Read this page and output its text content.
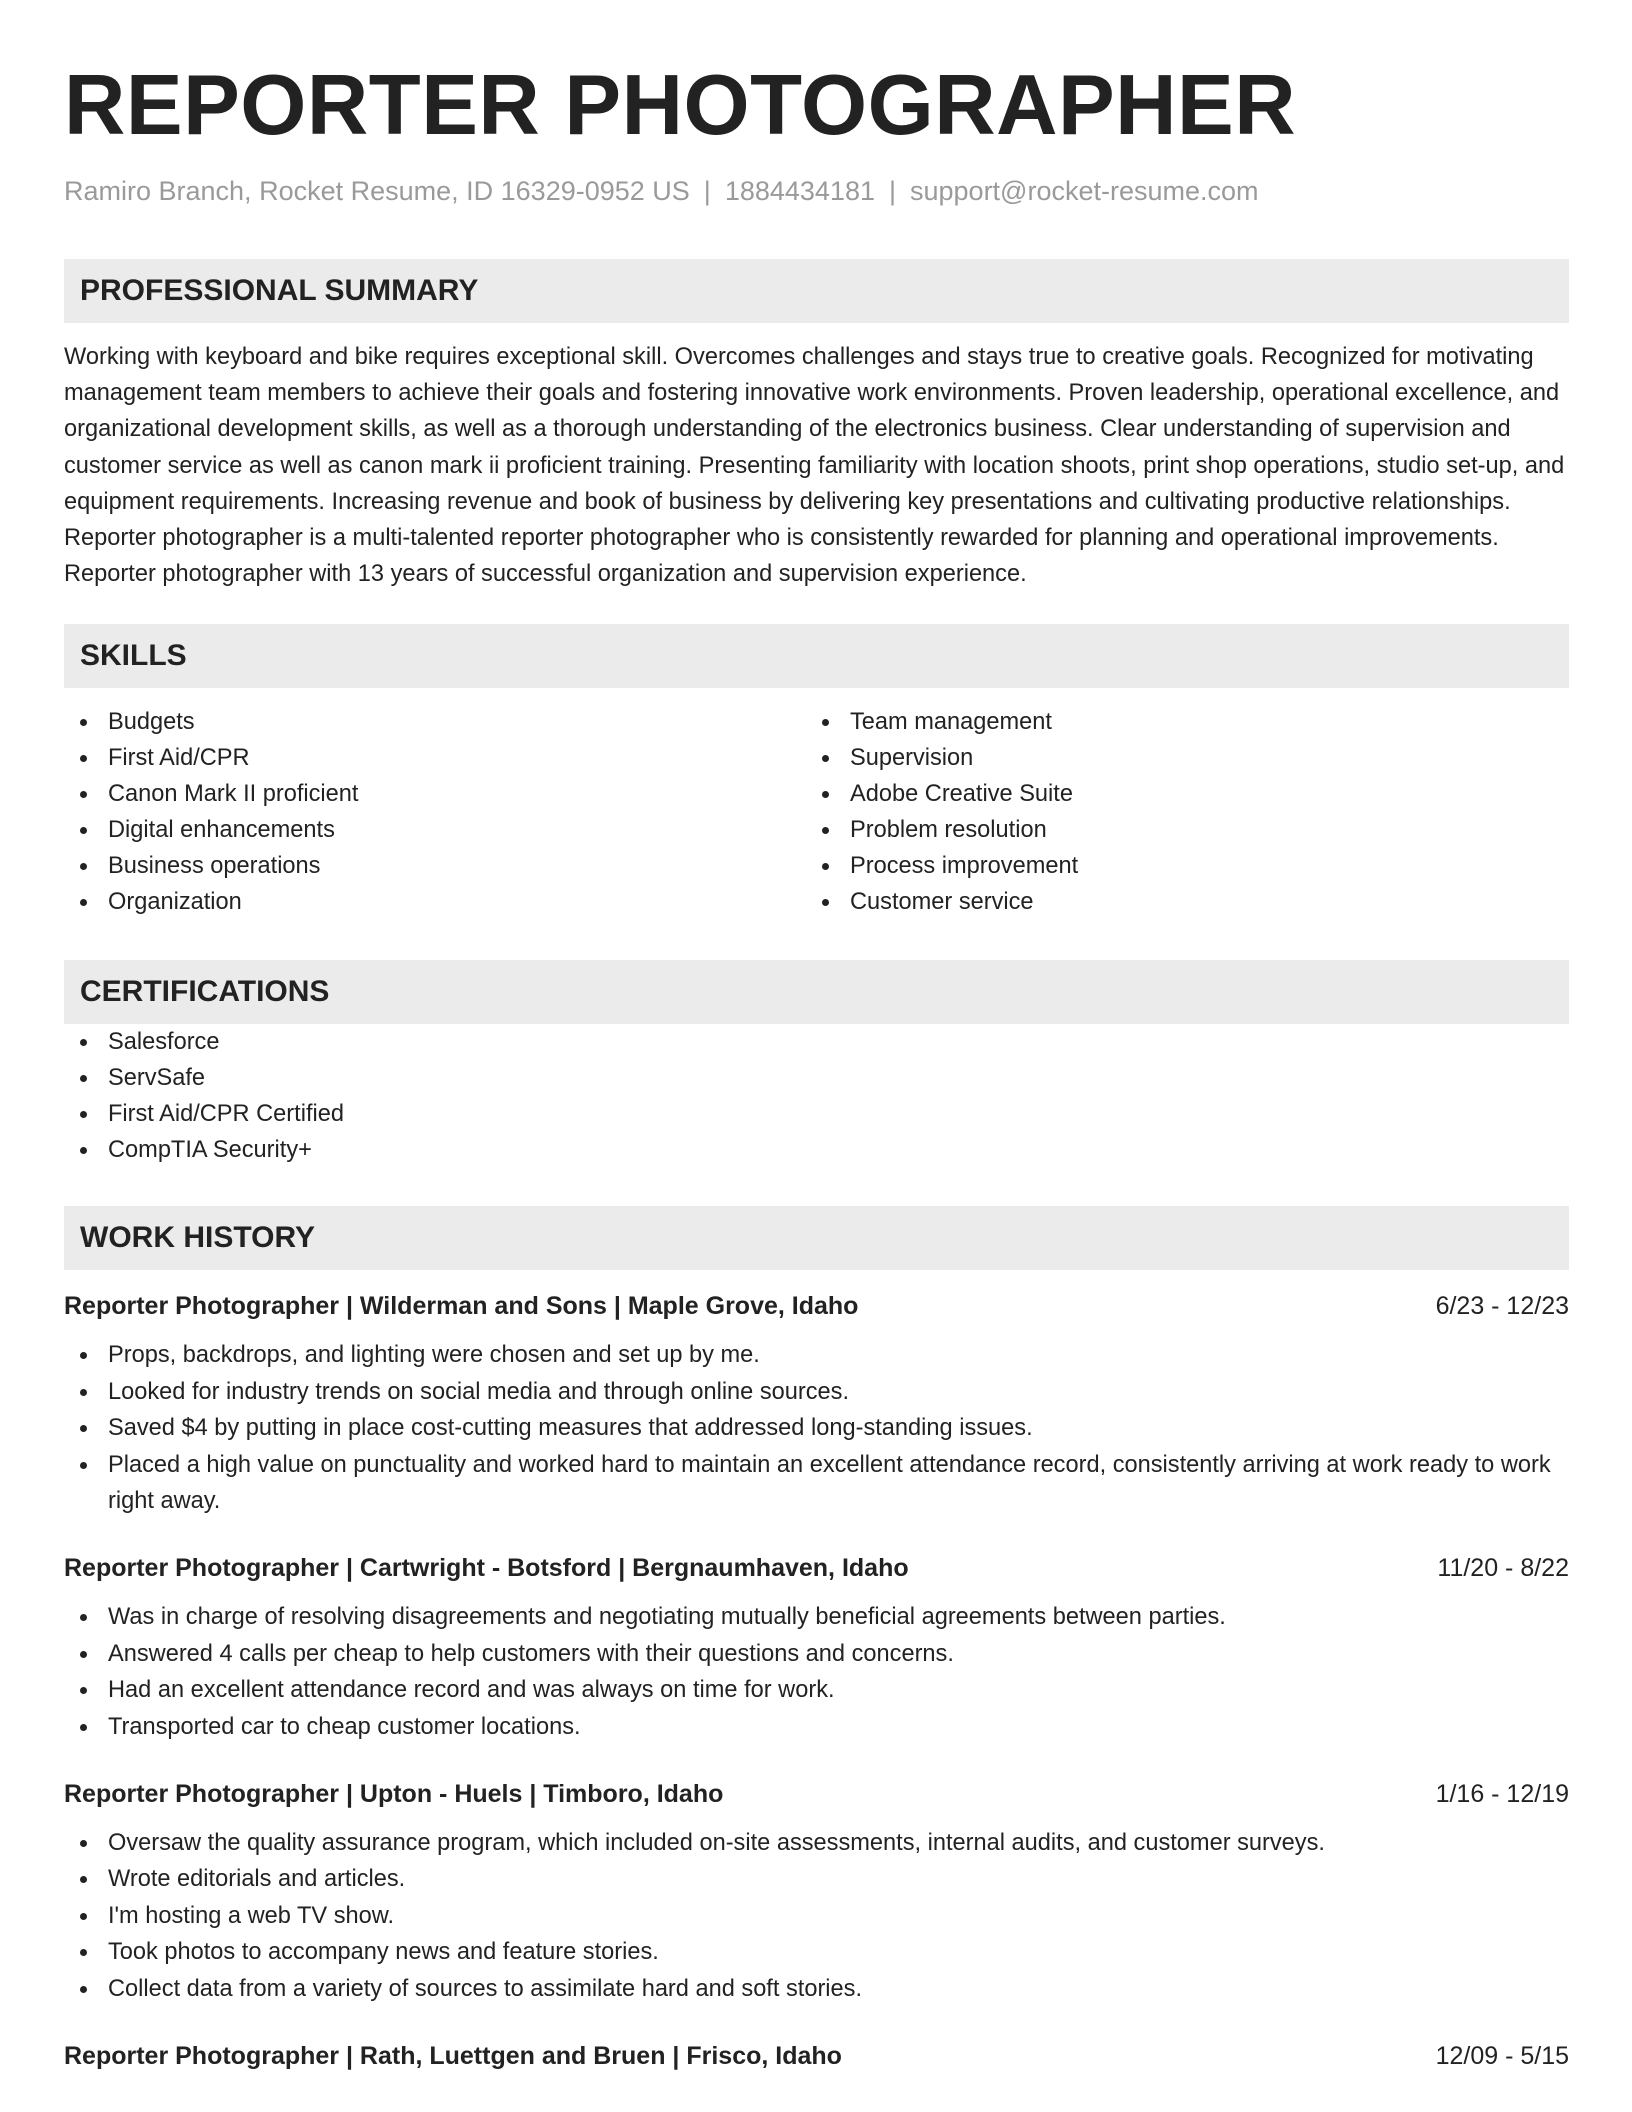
REPORTER PHOTOGRAPHER
Ramiro Branch, Rocket Resume, ID 16329-0952 US | 1884434181 | support@rocket-resume.com
PROFESSIONAL SUMMARY

Working with keyboard and bike requires exceptional skill. Overcomes challenges and stays true to creative goals. Recognized for motivating management team members to achieve their goals and fostering innovative work environments. Proven leadership, operational excellence, and organizational development skills, as well as a thorough understanding of the electronics business. Clear understanding of supervision and customer service as well as canon mark ii proficient training. Presenting familiarity with location shoots, print shop operations, studio set-up, and equipment requirements. Increasing revenue and book of business by delivering key presentations and cultivating productive relationships. Reporter photographer is a multi-talented reporter photographer who is consistently rewarded for planning and operational improvements. Reporter photographer with 13 years of successful organization and supervision experience.

SKILLS
Budgets
First Aid/CPR
Canon Mark II proficient
Digital enhancements
Business operations
Organization
Team management
Supervision
Adobe Creative Suite
Problem resolution
Process improvement
Customer service
CERTIFICATIONS
Salesforce
ServSafe
First Aid/CPR Certified
CompTIA Security+
WORK HISTORY
Reporter Photographer | Wilderman and Sons | Maple Grove, Idaho	6/23 - 12/23
Props, backdrops, and lighting were chosen and set up by me.
Looked for industry trends on social media and through online sources.
Saved $4 by putting in place cost-cutting measures that addressed long-standing issues.
Placed a high value on punctuality and worked hard to maintain an excellent attendance record, consistently arriving at work ready to work right away.
Reporter Photographer | Cartwright - Botsford | Bergnaumhaven, Idaho	11/20 - 8/22
Was in charge of resolving disagreements and negotiating mutually beneficial agreements between parties.
Answered 4 calls per cheap to help customers with their questions and concerns.
Had an excellent attendance record and was always on time for work.
Transported car to cheap customer locations.
Reporter Photographer | Upton - Huels | Timboro, Idaho	1/16 - 12/19
Oversaw the quality assurance program, which included on-site assessments, internal audits, and customer surveys.
Wrote editorials and articles.
I'm hosting a web TV show.
Took photos to accompany news and feature stories.
Collect data from a variety of sources to assimilate hard and soft stories.
Reporter Photographer | Rath, Luettgen and Bruen | Frisco, Idaho	12/09 - 5/15
